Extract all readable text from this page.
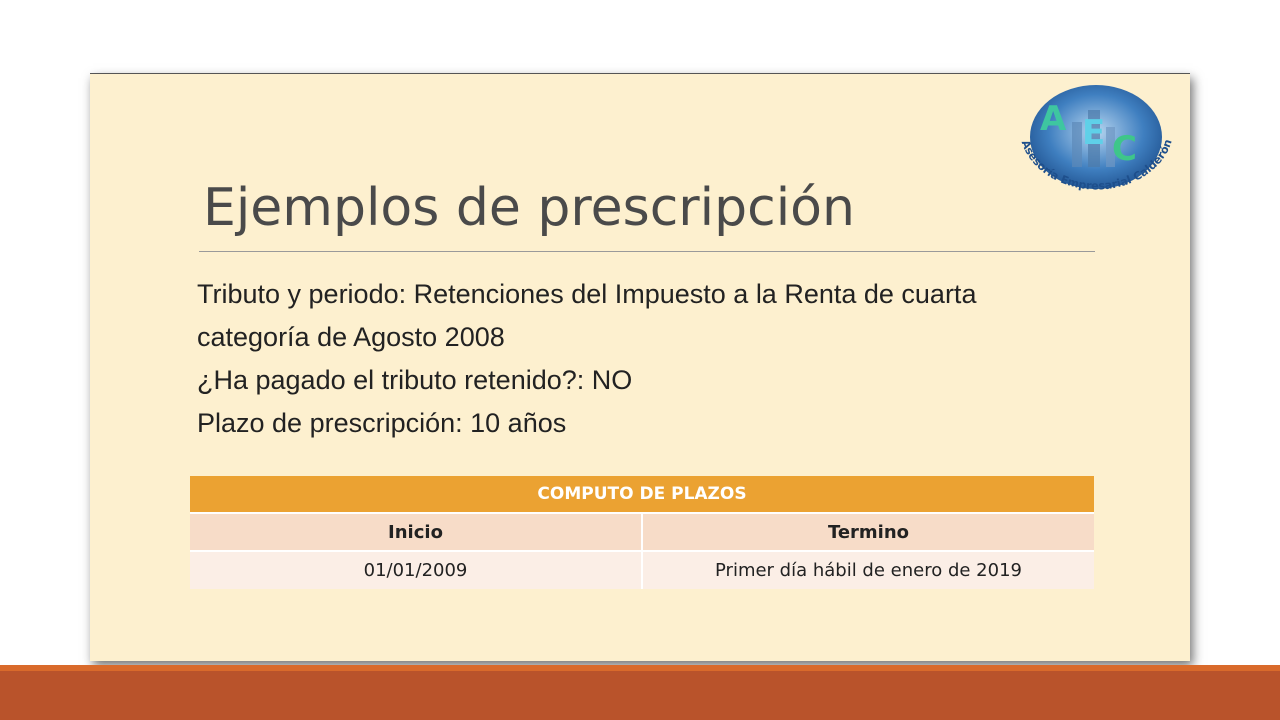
A E C
Asesoría Empresarial Calderón
Ejemplos de prescripción
Tributo y periodo: Retenciones del Impuesto a la Renta de cuarta
categoría de Agosto 2008
¿Ha pagado el tributo retenido?: NO
Plazo de prescripción: 10 años
COMPUTO DE PLAZOS	
Inicio	Termino
01/01/2009	Primer día hábil de enero de 2019
